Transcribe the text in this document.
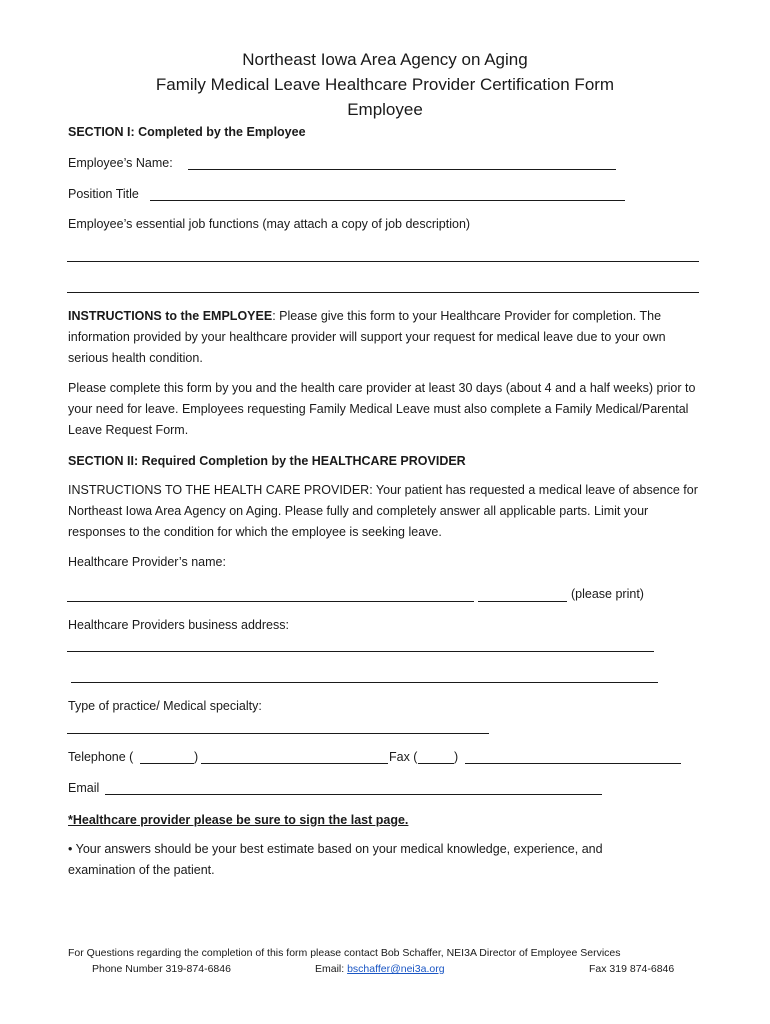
Northeast Iowa Area Agency on Aging
Family Medical Leave Healthcare Provider Certification Form
Employee
SECTION I: Completed by the Employee
Employee’s Name:
Position Title
Employee’s essential job functions (may attach a copy of job description)
INSTRUCTIONS to the EMPLOYEE: Please give this form to your Healthcare Provider for completion. The information provided by your healthcare provider will support your request for medical leave due to your own serious health condition.
Please complete this form by you and the health care provider at least 30 days (about 4 and a half weeks) prior to your need for leave. Employees requesting Family Medical Leave must also complete a Family Medical/Parental Leave Request Form.
SECTION II: Required Completion by the HEALTHCARE PROVIDER
INSTRUCTIONS TO THE HEALTH CARE PROVIDER: Your patient has requested a medical leave of absence for Northeast Iowa Area Agency on Aging. Please fully and completely answer all applicable parts. Limit your responses to the condition for which the employee is seeking leave.
Healthcare Provider’s name:
(please print)
Healthcare Providers business address:
Type of practice/ Medical specialty:
Telephone (	)	Fax (	)
Email
*Healthcare provider please be sure to sign the last page.
• Your answers should be your best estimate based on your medical knowledge, experience, and examination of the patient.
For Questions regarding the completion of this form please contact Bob Schaffer, NEI3A Director of Employee Services
Phone Number 319-874-6846	Email: bschaffer@nei3a.org	Fax 319 874-6846
